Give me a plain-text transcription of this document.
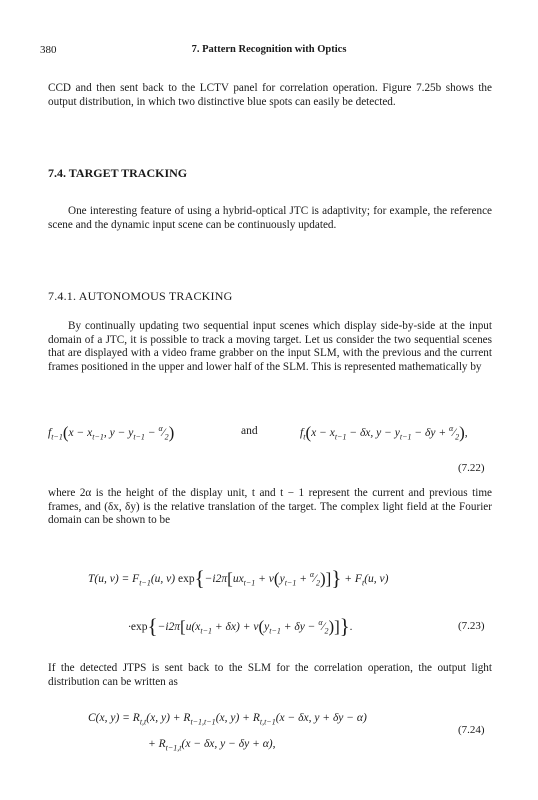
380	7. Pattern Recognition with Optics
CCD and then sent back to the LCTV panel for correlation operation. Figure 7.25b shows the output distribution, in which two distinctive blue spots can easily be detected.
7.4. TARGET TRACKING
One interesting feature of using a hybrid-optical JTC is adaptivity; for example, the reference scene and the dynamic input scene can be continuously updated.
7.4.1. AUTONOMOUS TRACKING
By continually updating two sequential input scenes which display side-by-side at the input domain of a JTC, it is possible to track a moving target. Let us consider the two sequential scenes that are displayed with a video frame grabber on the input SLM, with the previous and the current frames positioned in the upper and lower half of the SLM. This is represented mathematically by
$f_{t-1}(x - x_{t-1}$, $y - y_{t-1}$ − $^\alpha⁄_2$)	and	$f_t(x - x_{t-1} - \delta x$, $y - y_{t-1} - \delta y$ + $^\alpha⁄_2$),
(7.22)
where 2α is the height of the display unit, t and t − 1 represent the current and previous time frames, and (δx, δy) is the relative translation of the target. The complex light field at the Fourier domain can be shown to be
T(u, $v) = F_{t-1}(u$, v) $\exp\{-i2\pi[ux_{t-1} + v(y_{t-1}$ + $^\alpha⁄_2)]\} + F_t(u$, v)
$\cdot\exp\{-i2\pi[u(x_{t-1} + \delta x) + v(y_{t-1} + \delta y$ − $^\alpha⁄_2$)]}.	(7.23)
If the detected JTPS is sent back to the SLM for the correlation operation, the output light distribution can be written as
C(x, $y) = R_{t,t}(x$, $y) + R_{t-1,t-1}(x$, $y) + R_{t,t-1}(x - \delta x$, y + δy − α)
+ $R_{t-1,t}(x - \delta x$, y − δy + α),
(7.24)
